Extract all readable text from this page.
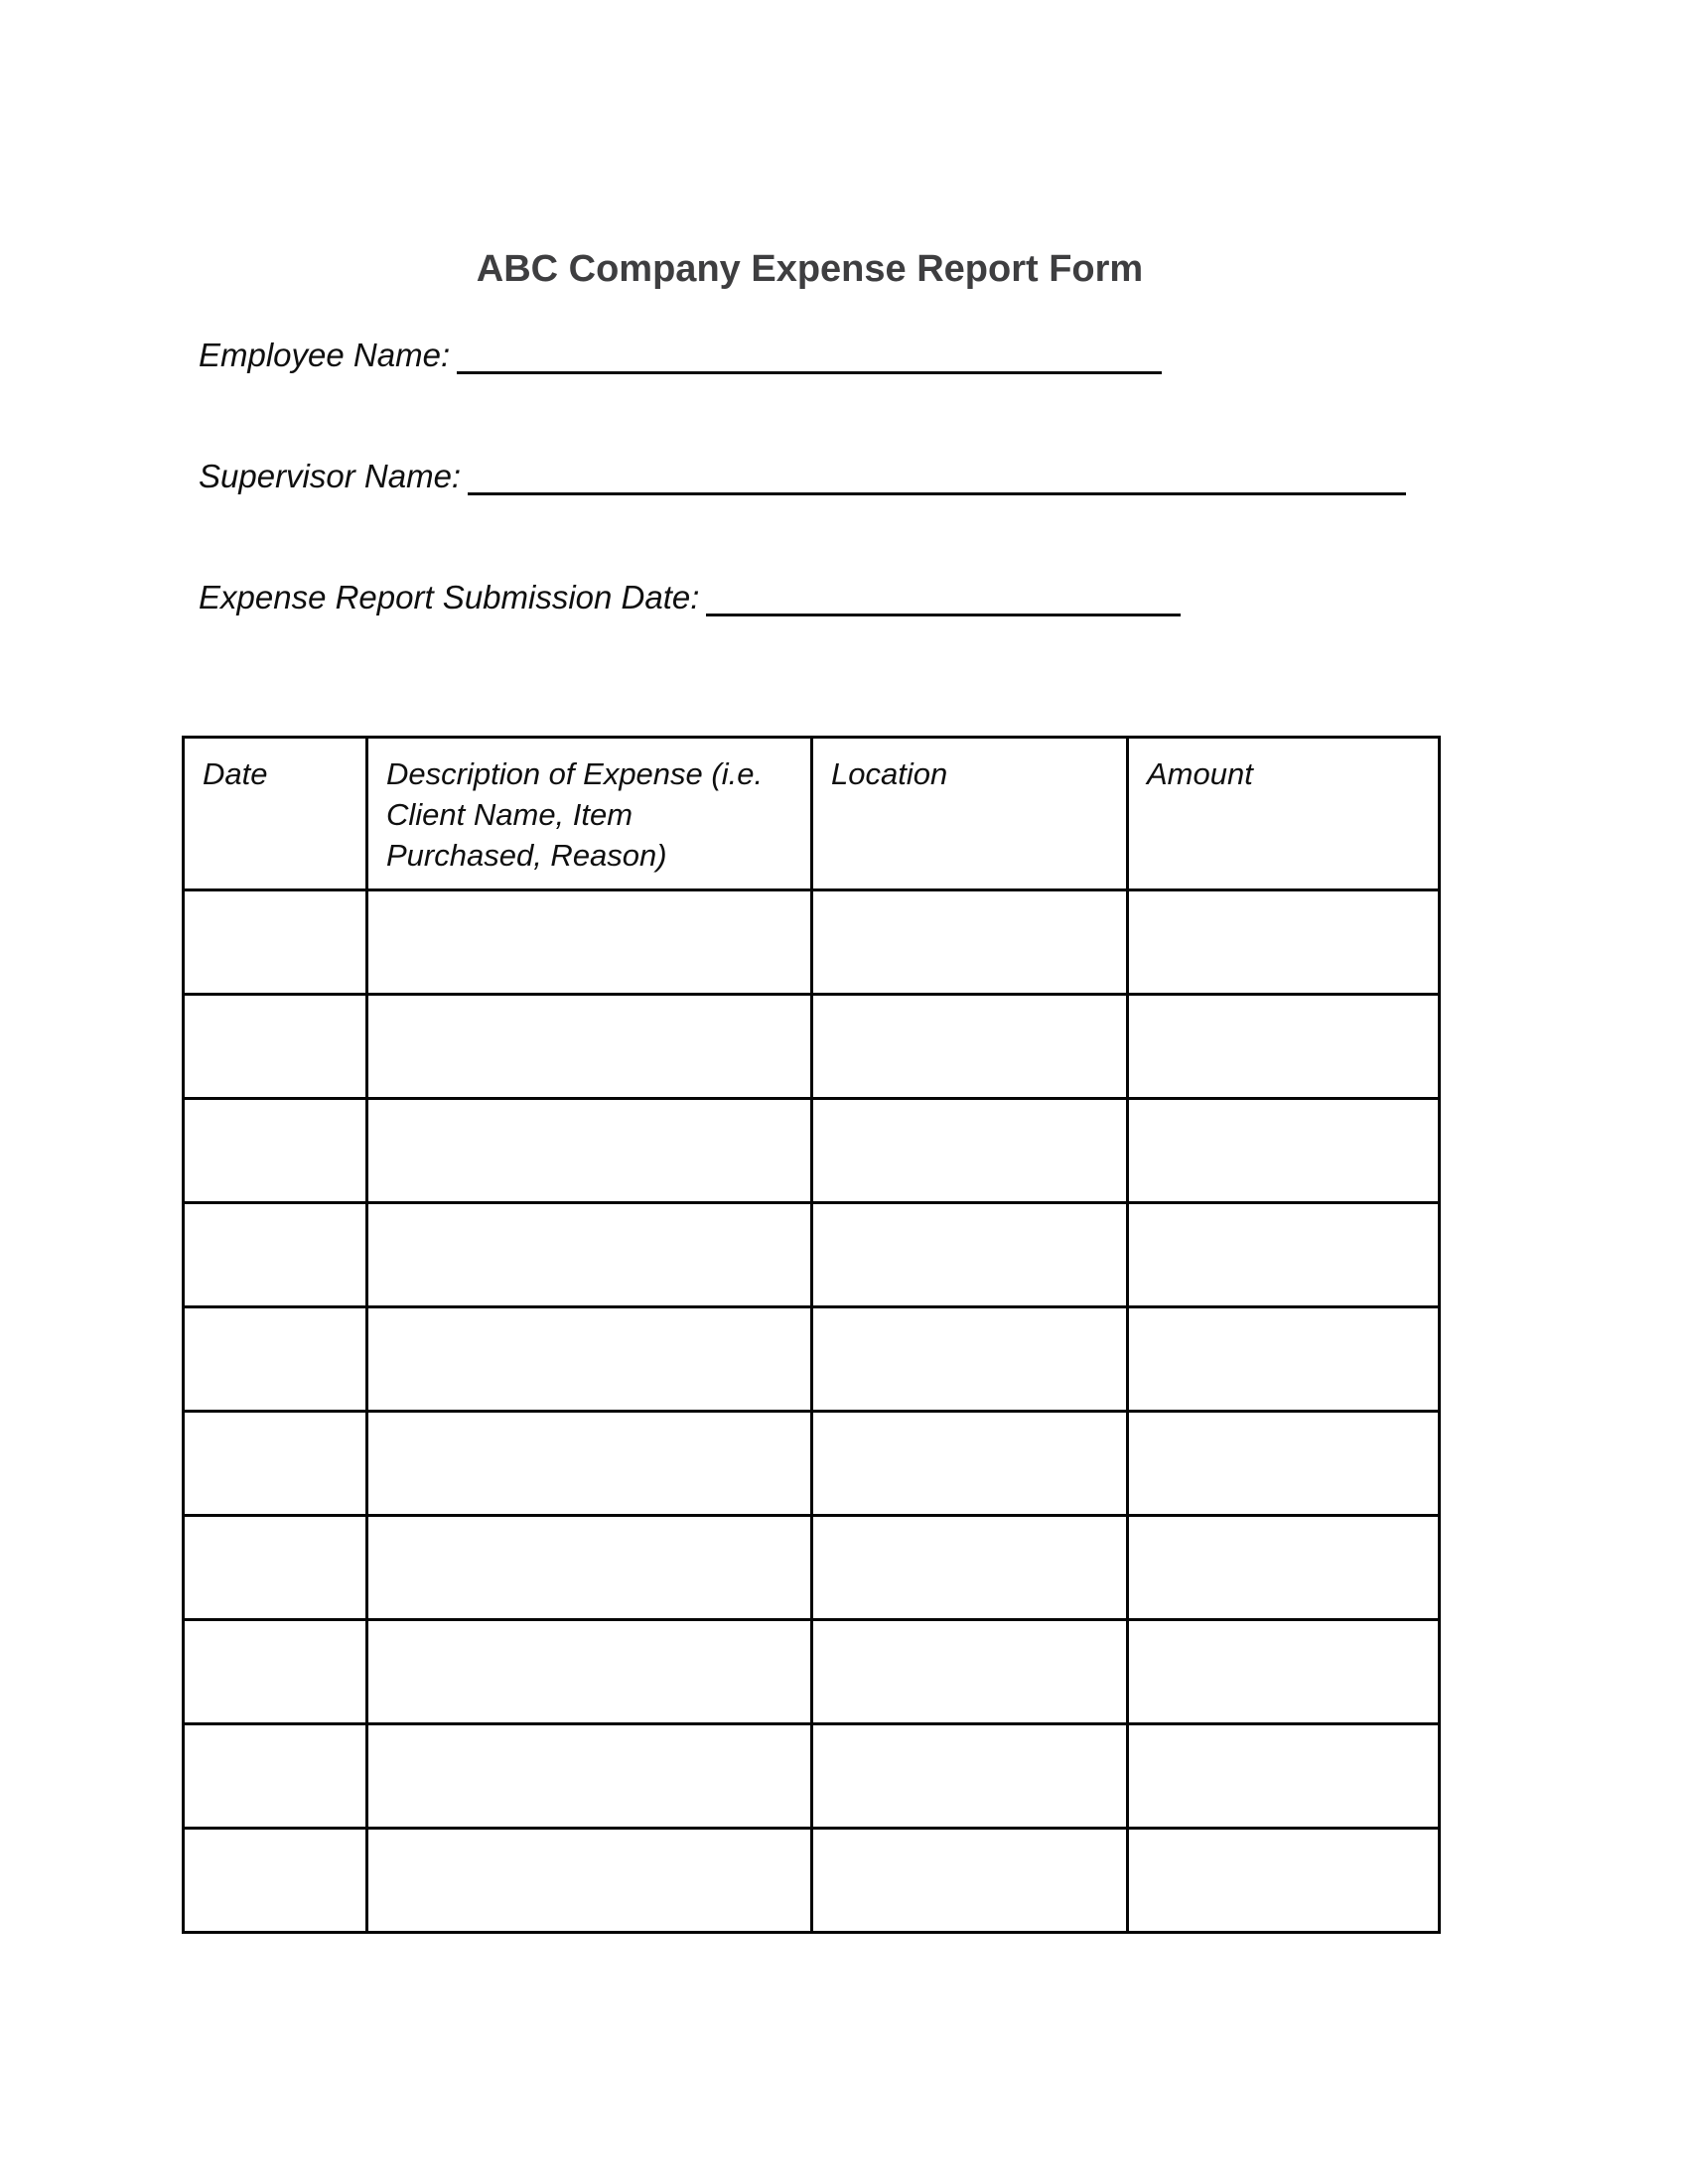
ABC Company Expense Report Form
Employee Name:
Supervisor Name:
Expense Report Submission Date:
Date	Description of Expense (i.e. Client Name, Item Purchased, Reason)	Location	Amount
